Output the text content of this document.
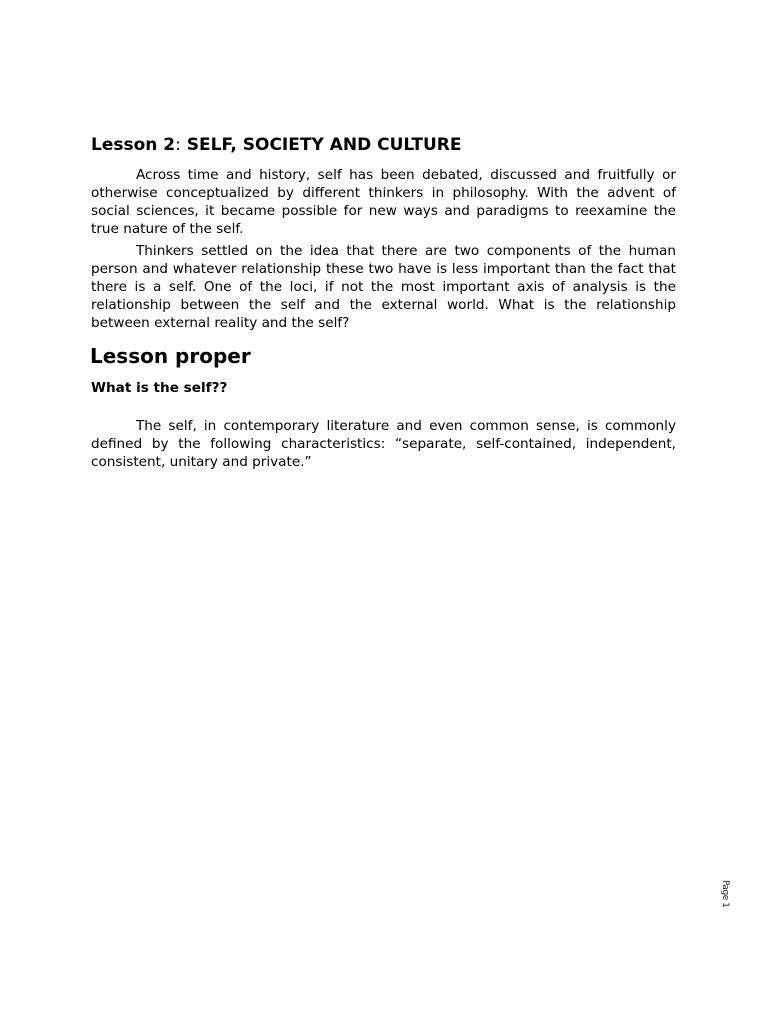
Lesson 2: SELF, SOCIETY AND CULTURE

Across time and history, self has been debated, discussed and fruitfully or otherwise conceptualized by different thinkers in philosophy. With the advent of social sciences, it became possible for new ways and paradigms to reexamine the true nature of the self.

Thinkers settled on the idea that there are two components of the human person and whatever relationship these two have is less important than the fact that there is a self. One of the loci, if not the most important axis of analysis is the relationship between the self and the external world. What is the relationship between external reality and the self?

Lesson proper
What is the self??

The self, in contemporary literature and even common sense, is commonly defined by the following characteristics: “separate, self-contained, independent, consistent, unitary and private.”

Page 1
